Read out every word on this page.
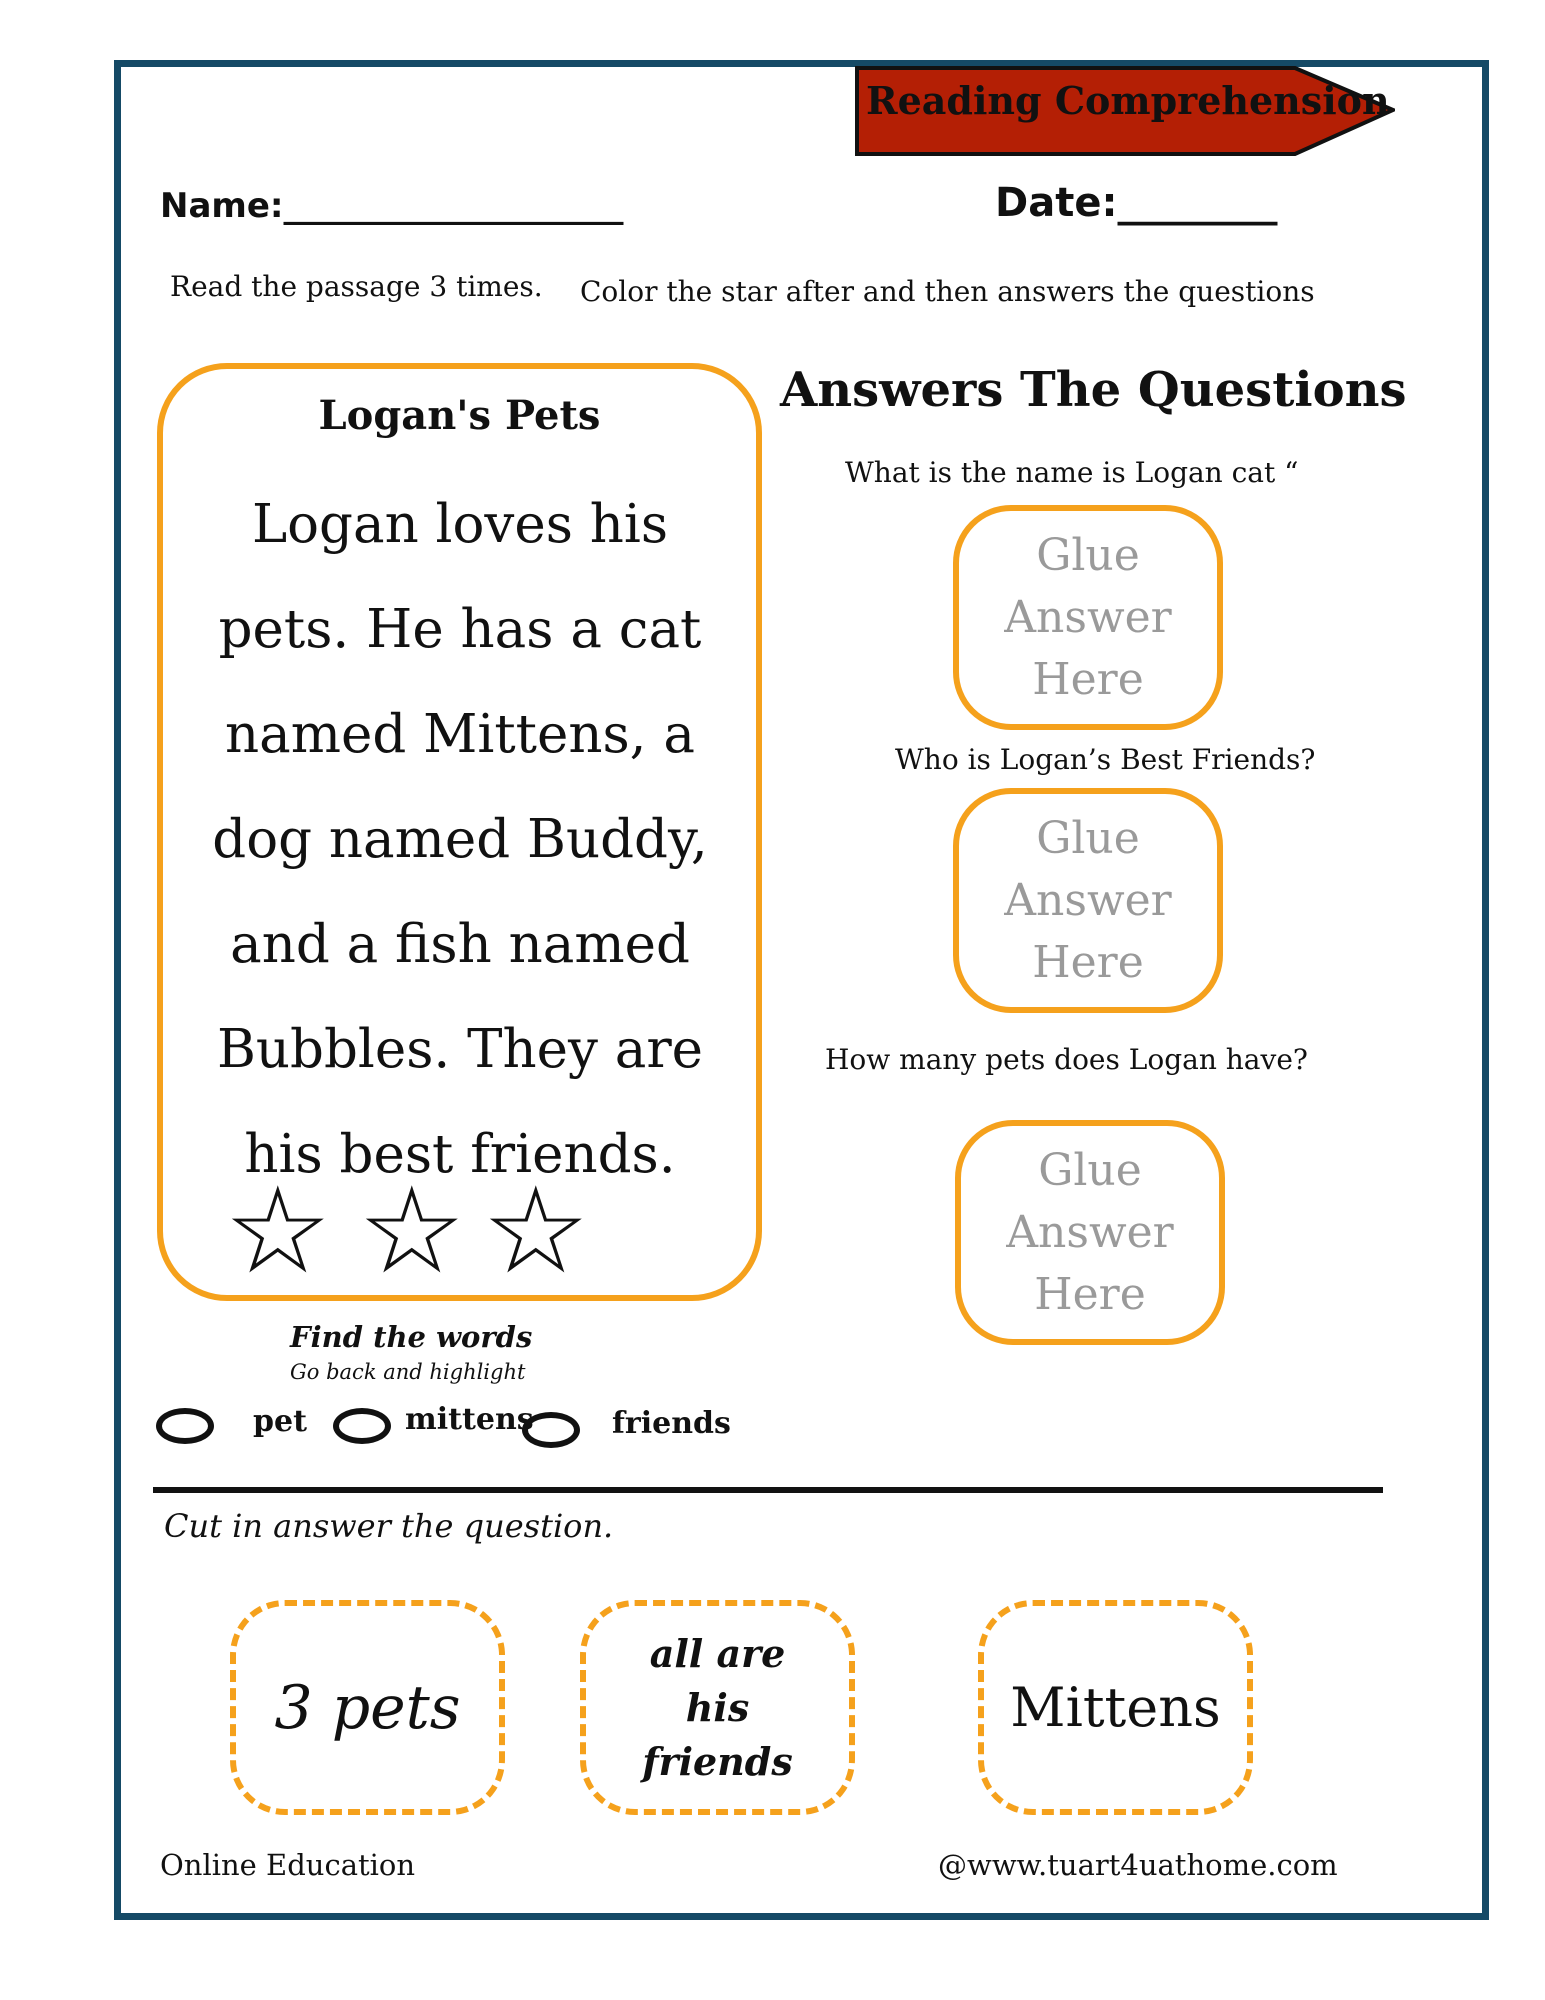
Reading Comprehension
Name:____________________	Date:________
Read the passage 3 times. Color the star after and then answers the questions
Logan's Pets
Logan loves his
pets. He has a cat
named Mittens, a
dog named Buddy,
and a fish named
Bubbles. They are
his best friends.
☆ ☆ ☆
Answers The Questions
What is the name is Logan cat “
Glue
Answer
Here
Who is Logan’s Best Friends?
Glue
Answer
Here
How many pets does Logan have?
Glue
Answer
Here
Find the words
Go back and highlight
pet	mittens	friends
Cut in answer the question.
3 pets
all are his friends
Mittens
Online Education	@www.tuart4uathome.com
